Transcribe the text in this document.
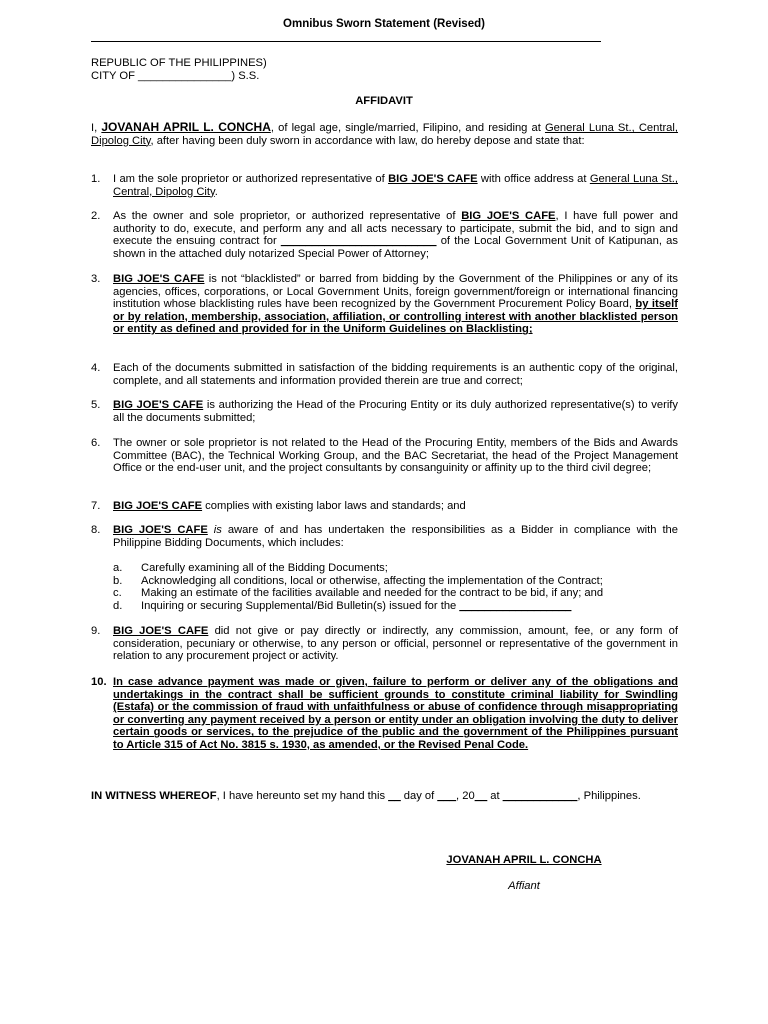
Omnibus Sworn Statement (Revised)
REPUBLIC OF THE PHILIPPINES)
CITY OF _______________) S.S.
AFFIDAVIT
I, JOVANAH APRIL L. CONCHA, of legal age, single/married, Filipino, and residing at General Luna St., Central, Dipolog City, after having been duly sworn in accordance with law, do hereby depose and state that:
1.	I am the sole proprietor or authorized representative of BIG JOE'S CAFE with office address at General Luna St., Central, Dipolog City.
2.	As the owner and sole proprietor, or authorized representative of BIG JOE'S CAFE, I have full power and authority to do, execute, and perform any and all acts necessary to participate, submit the bid, and to sign and execute the ensuing contract for _________________________ of the Local Government Unit of Katipunan, as shown in the attached duly notarized Special Power of Attorney;
3.	BIG JOE'S CAFE is not “blacklisted” or barred from bidding by the Government of the Philippines or any of its agencies, offices, corporations, or Local Government Units, foreign government/foreign or international financing institution whose blacklisting rules have been recognized by the Government Procurement Policy Board, by itself or by relation, membership, association, affiliation, or controlling interest with another blacklisted person or entity as defined and provided for in the Uniform Guidelines on Blacklisting;
4.	Each of the documents submitted in satisfaction of the bidding requirements is an authentic copy of the original, complete, and all statements and information provided therein are true and correct;
5.	BIG JOE'S CAFE is authorizing the Head of the Procuring Entity or its duly authorized representative(s) to verify all the documents submitted;
6.	The owner or sole proprietor is not related to the Head of the Procuring Entity, members of the Bids and Awards Committee (BAC), the Technical Working Group, and the BAC Secretariat, the head of the Project Management Office or the end-user unit, and the project consultants by consanguinity or affinity up to the third civil degree;
7.	BIG JOE'S CAFE complies with existing labor laws and standards; and
8.	BIG JOE'S CAFE is aware of and has undertaken the responsibilities as a Bidder in compliance with the Philippine Bidding Documents, which includes:
a.	Carefully examining all of the Bidding Documents;
b.	Acknowledging all conditions, local or otherwise, affecting the implementation of the Contract;
c.	Making an estimate of the facilities available and needed for the contract to be bid, if any; and
d.	Inquiring or securing Supplemental/Bid Bulletin(s) issued for the __________________
9.	BIG JOE'S CAFE did not give or pay directly or indirectly, any commission, amount, fee, or any form of consideration, pecuniary or otherwise, to any person or official, personnel or representative of the government in relation to any procurement project or activity.
10. In case advance payment was made or given, failure to perform or deliver any of the obligations and undertakings in the contract shall be sufficient grounds to constitute criminal liability for Swindling (Estafa) or the commission of fraud with unfaithfulness or abuse of confidence through misappropriating or converting any payment received by a person or entity under an obligation involving the duty to deliver certain goods or services, to the prejudice of the public and the government of the Philippines pursuant to Article 315 of Act No. 3815 s. 1930, as amended, or the Revised Penal Code.
IN WITNESS WHEREOF, I have hereunto set my hand this __ day of ___, 20__ at ____________, Philippines.
JOVANAH APRIL L. CONCHA
Affiant
